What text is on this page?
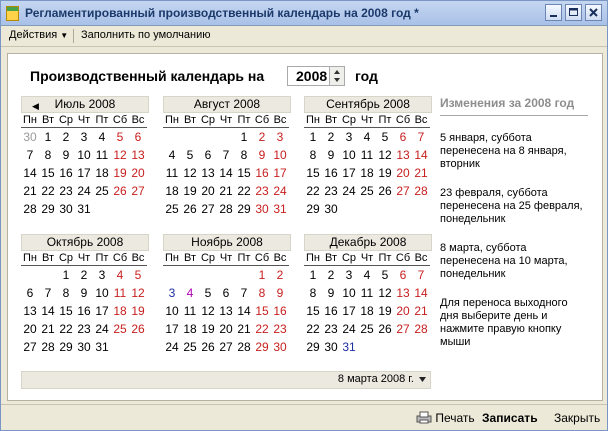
Регламентированный производственный календарь на 2008 год *
Действия ▼ Заполнить по умолчанию
Производственный календарь на 2008 год
◀ Июль 2008
Пн Вт Ср Чт Пт Сб Вс
30 1 2 3 4 5 6
7 8 9 10 11 12 13
14 15 16 17 18 19 20
21 22 23 24 25 26 27
28 29 30 31
Август 2008
Пн Вт Ср Чт Пт Сб Вс
1 2 3
4 5 6 7 8 9 10
11 12 13 14 15 16 17
18 19 20 21 22 23 24
25 26 27 28 29 30 31
Сентябрь 2008
Пн Вт Ср Чт Пт Сб Вс
1 2 3 4 5 6 7
8 9 10 11 12 13 14
15 16 17 18 19 20 21
22 23 24 25 26 27 28
29 30
Октябрь 2008
Пн Вт Ср Чт Пт Сб Вс
1 2 3 4 5
6 7 8 9 10 11 12
13 14 15 16 17 18 19
20 21 22 23 24 25 26
27 28 29 30 31
Ноябрь 2008
Пн Вт Ср Чт Пт Сб Вс
1 2
3 4 5 6 7 8 9
10 11 12 13 14 15 16
17 18 19 20 21 22 23
24 25 26 27 28 29 30
Декабрь 2008
Пн Вт Ср Чт Пт Сб Вс
1 2 3 4 5 6 7
8 9 10 11 12 13 14
15 16 17 18 19 20 21
22 23 24 25 26 27 28
29 30 31
Изменения за 2008 год
5 января, суббота перенесена на 8 января, вторник
23 февраля, суббота перенесена на 25 февраля, понедельник
8 марта, суббота перенесена на 10 марта, понедельник
Для переноса выходного дня выберите день и нажмите правую кнопку мыши
8 марта 2008 г.
Печать Записать Закрыть
